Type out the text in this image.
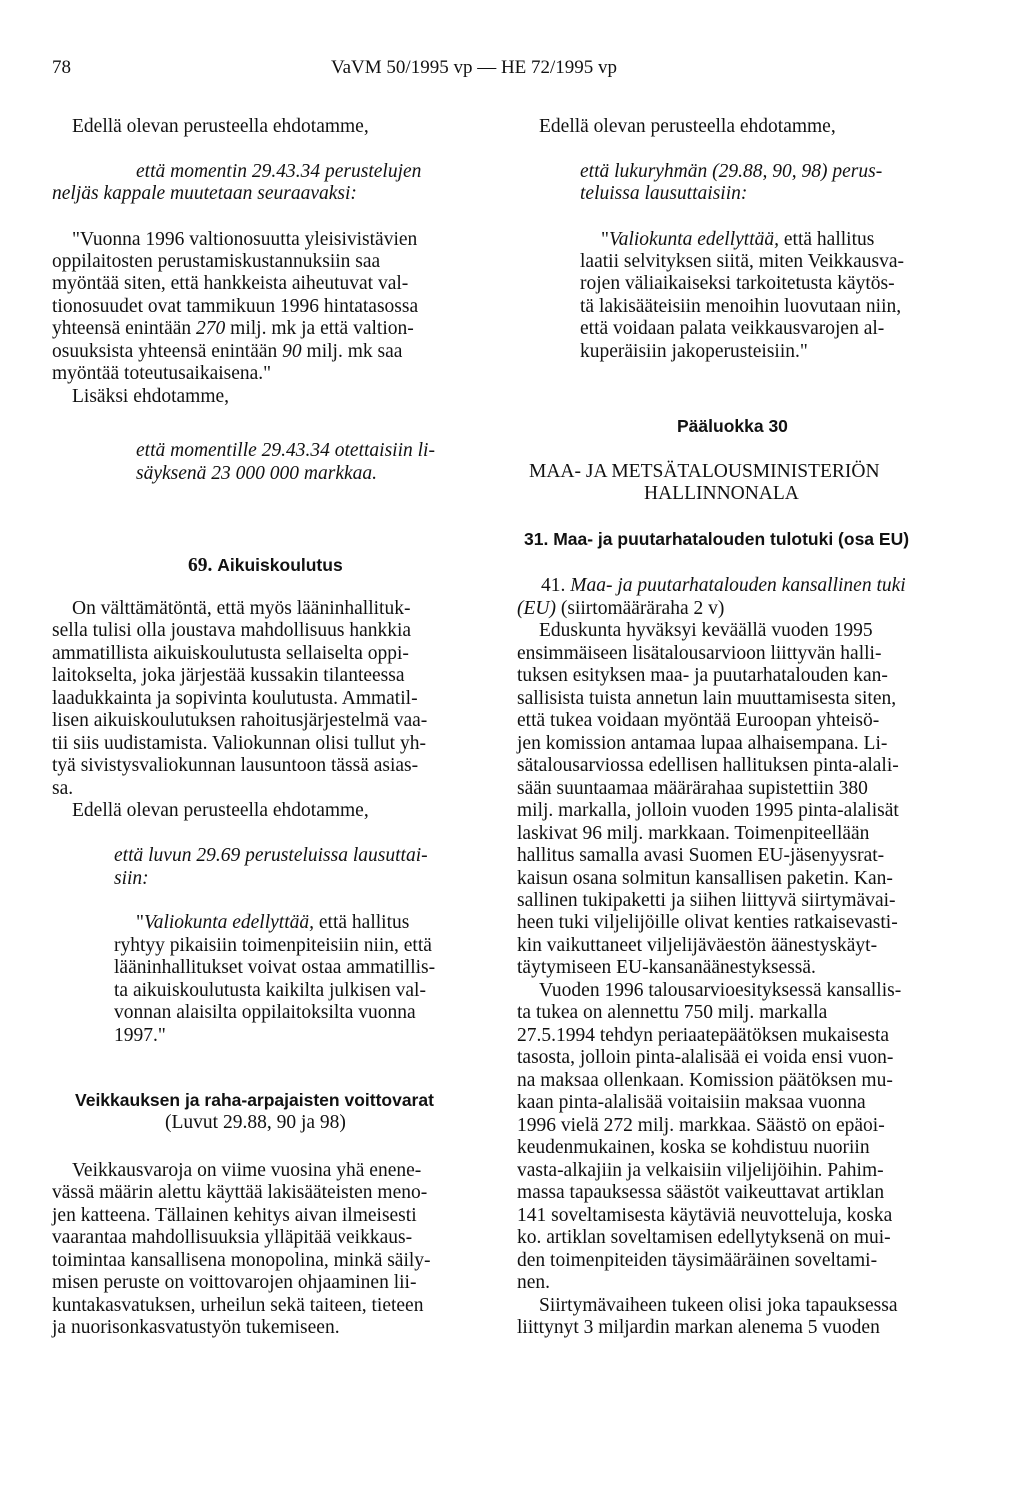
78	VaVM 50/1995 vp — HE 72/1995 vp
Edellä olevan perusteella ehdotamme,
että momentin 29.43.34 perustelujen
neljäs kappale muutetaan seuraavaksi:
"Vuonna 1996 valtionosuutta yleisivistävien
oppilaitosten perustamiskustannuksiin saa
myöntää siten, että hankkeista aiheutuvat val-
tionosuudet ovat tammikuun 1996 hintatasossa
yhteensä enintään 270 milj. mk ja että valtion-
osuuksista yhteensä enintään 90 milj. mk saa
myöntää toteutusaikaisena."
Lisäksi ehdotamme,
että momentille 29.43.34 otettaisiin li-
säyksenä 23 000 000 markkaa.
69. Aikuiskoulutus
On välttämätöntä, että myös lääninhallituk-
sella tulisi olla joustava mahdollisuus hankkia
ammatillista aikuiskoulutusta sellaiselta oppi-
laitokselta, joka järjestää kussakin tilanteessa
laadukkainta ja sopivinta koulutusta. Ammatil-
lisen aikuiskoulutuksen rahoitusjärjestelmä vaa-
tii siis uudistamista. Valiokunnan olisi tullut yh-
tyä sivistysvaliokunnan lausuntoon tässä asias-
sa.
Edellä olevan perusteella ehdotamme,
että luvun 29.69 perusteluissa lausuttai-
siin:
"Valiokunta edellyttää, että hallitus
ryhtyy pikaisiin toimenpiteisiin niin, että
lääninhallitukset voivat ostaa ammatillis-
ta aikuiskoulutusta kaikilta julkisen val-
vonnan alaisilta oppilaitoksilta vuonna
1997."
Veikkauksen ja raha-arpajaisten voittovarat
(Luvut 29.88, 90 ja 98)
Veikkausvaroja on viime vuosina yhä enene-
vässä määrin alettu käyttää lakisääteisten meno-
jen katteena. Tällainen kehitys aivan ilmeisesti
vaarantaa mahdollisuuksia ylläpitää veikkaus-
toimintaa kansallisena monopolina, minkä säily-
misen peruste on voittovarojen ohjaaminen lii-
kuntakasvatuksen, urheilun sekä taiteen, tieteen
ja nuorisonkasvatustyön tukemiseen.
Edellä olevan perusteella ehdotamme,
että lukuryhmän (29.88, 90, 98) perus-
teluissa lausuttaisiin:
"Valiokunta edellyttää, että hallitus
laatii selvityksen siitä, miten Veikkausva-
rojen väliaikaiseksi tarkoitetusta käytös-
tä lakisääteisiin menoihin luovutaan niin,
että voidaan palata veikkausvarojen al-
kuperäisiin jakoperusteisiin."
Pääluokka 30
MAA- JA METSÄTALOUSMINISTERIÖN
HALLINNONALA
31. Maa- ja puutarhatalouden tulotuki (osa EU)
41. Maa- ja puutarhatalouden kansallinen tuki
(EU) (siirtomääräraha 2 v)
Eduskunta hyväksyi keväällä vuoden 1995
ensimmäiseen lisätalousarvioon liittyvän halli-
tuksen esityksen maa- ja puutarhatalouden kan-
sallisista tuista annetun lain muuttamisesta siten,
että tukea voidaan myöntää Euroopan yhteisö-
jen komission antamaa lupaa alhaisempana. Li-
sätalousarviossa edellisen hallituksen pinta-alali-
sään suuntaamaa määrärahaa supistettiin 380
milj. markalla, jolloin vuoden 1995 pinta-alalisät
laskivat 96 milj. markkaan. Toimenpiteellään
hallitus samalla avasi Suomen EU-jäsenyysrat-
kaisun osana solmitun kansallisen paketin. Kan-
sallinen tukipaketti ja siihen liittyvä siirtymävai-
heen tuki viljelijöille olivat kenties ratkaisevasti-
kin vaikuttaneet viljelijäväestön äänestyskäyt-
täytymiseen EU-kansanäänestyksessä.
Vuoden 1996 talousarvioesityksessä kansallis-
ta tukea on alennettu 750 milj. markalla
27.5.1994 tehdyn periaatepäätöksen mukaisesta
tasosta, jolloin pinta-alalisää ei voida ensi vuon-
na maksaa ollenkaan. Komission päätöksen mu-
kaan pinta-alalisää voitaisiin maksaa vuonna
1996 vielä 272 milj. markkaa. Säästö on epäoi-
keudenmukainen, koska se kohdistuu nuoriin
vasta-alkajiin ja velkaisiin viljelijöihin. Pahim-
massa tapauksessa säästöt vaikeuttavat artiklan
141 soveltamisesta käytäviä neuvotteluja, koska
ko. artiklan soveltamisen edellytyksenä on mui-
den toimenpiteiden täysimääräinen soveltami-
nen.
Siirtymävaiheen tukeen olisi joka tapauksessa
liittynyt 3 miljardin markan alenema 5 vuoden
